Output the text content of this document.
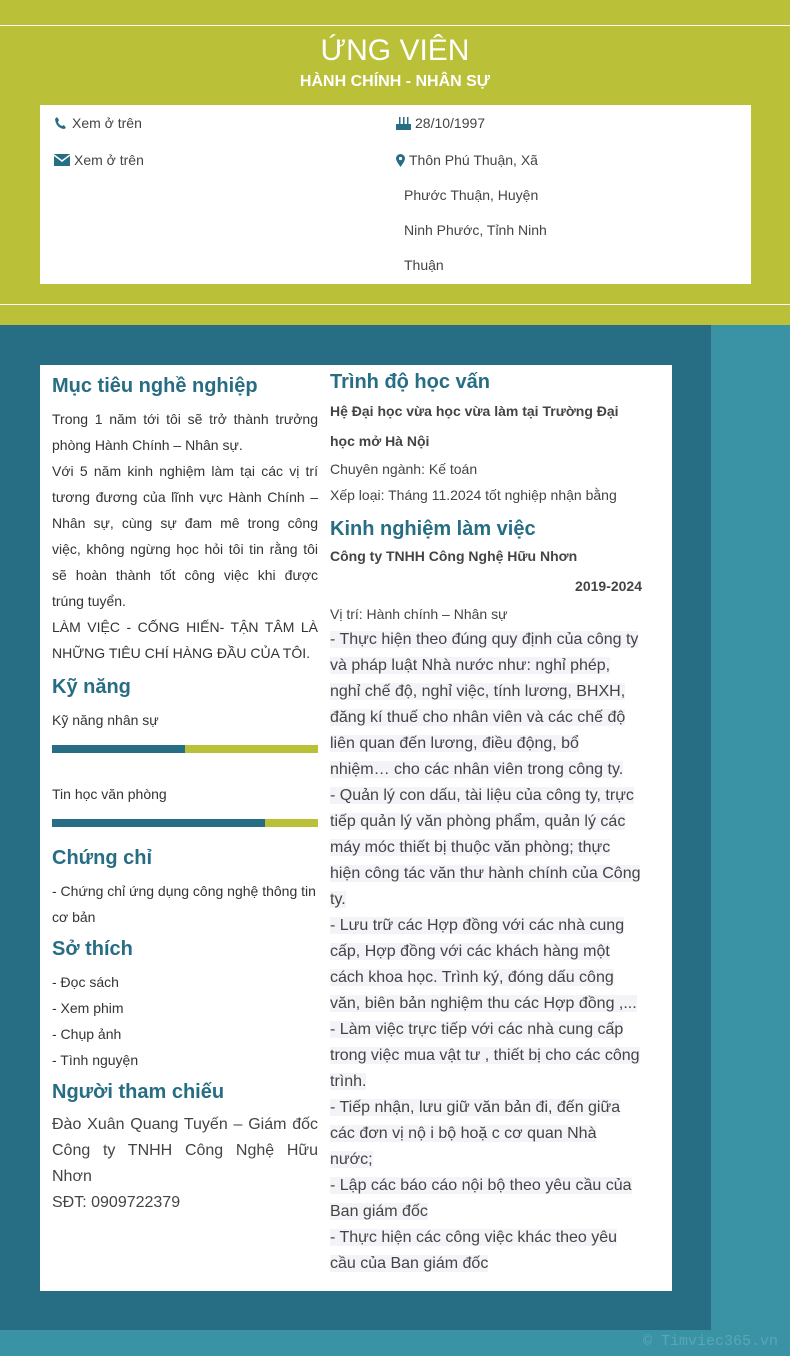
ỨNG VIÊN
HÀNH CHÍNH - NHÂN SỰ
Xem ở trên
Xem ở trên
28/10/1997
Thôn Phú Thuận, Xã
Phước Thuận, Huyện
Ninh Phước, Tỉnh Ninh
Thuận
© Timviec365.vn
Mục tiêu nghề nghiệp
Trong 1 năm tới tôi sẽ trở thành trưởng phòng Hành Chính – Nhân sự.
Với 5 năm kinh nghiệm làm tại các vị trí tương đương của lĩnh vực Hành Chính – Nhân sự, cùng sự đam mê trong công việc, không ngừng học hỏi tôi tin rằng tôi sẽ hoàn thành tốt công việc khi được trúng tuyển.
LÀM VIỆC - CỐNG HIẾN- TẬN TÂM LÀ NHỮNG TIÊU CHÍ HÀNG ĐẦU CỦA TÔI.
Kỹ năng
Kỹ năng nhân sự
Tin học văn phòng
Chứng chỉ
- Chứng chỉ ứng dụng công nghệ thông tin cơ bản
Sở thích
- Đọc sách
- Xem phim
- Chụp ảnh
- Tình nguyện
Người tham chiếu
Đào Xuân Quang Tuyến – Giám đốc Công ty TNHH Công Nghệ Hữu Nhơn
SĐT: 0909722379
Trình độ học vấn
Hệ Đại học vừa học vừa làm tại Trường Đại học mở Hà Nội
Chuyên ngành: Kế toán
Xếp loại: Tháng 11.2024 tốt nghiệp nhận bằng
Kinh nghiệm làm việc
Công ty TNHH Công Nghệ Hữu Nhơn
2019-2024
Vị trí: Hành chính – Nhân sự
- Thực hiện theo đúng quy định của công ty và pháp luật Nhà nước như: nghỉ phép, nghỉ chế độ, nghỉ việc, tính lương, BHXH, đăng kí thuế cho nhân viên và các chế độ liên quan đến lương, điều động, bổ nhiệm… cho các nhân viên trong công ty.
- Quản lý con dấu, tài liệu của công ty, trực tiếp quản lý văn phòng phẩm, quản lý các máy móc thiết bị thuộc văn phòng; thực hiện công tác văn thư hành chính của Công ty.
- Lưu trữ các Hợp đồng với các nhà cung cấp, Hợp đồng với các khách hàng một cách khoa học. Trình ký, đóng dấu công văn, biên bản nghiệm thu các Hợp đồng ,...
- Làm việc trực tiếp với các nhà cung cấp trong việc mua vật tư , thiết bị cho các công trình.
- Tiếp nhận, lưu giữ văn bản đi, đến giữa các đơn vị nộ i bộ hoặ c cơ quan Nhà nước;
- Lập các báo cáo nội bộ theo yêu cầu của Ban giám đốc
- Thực hiện các công việc khác theo yêu cầu của Ban giám đốc
